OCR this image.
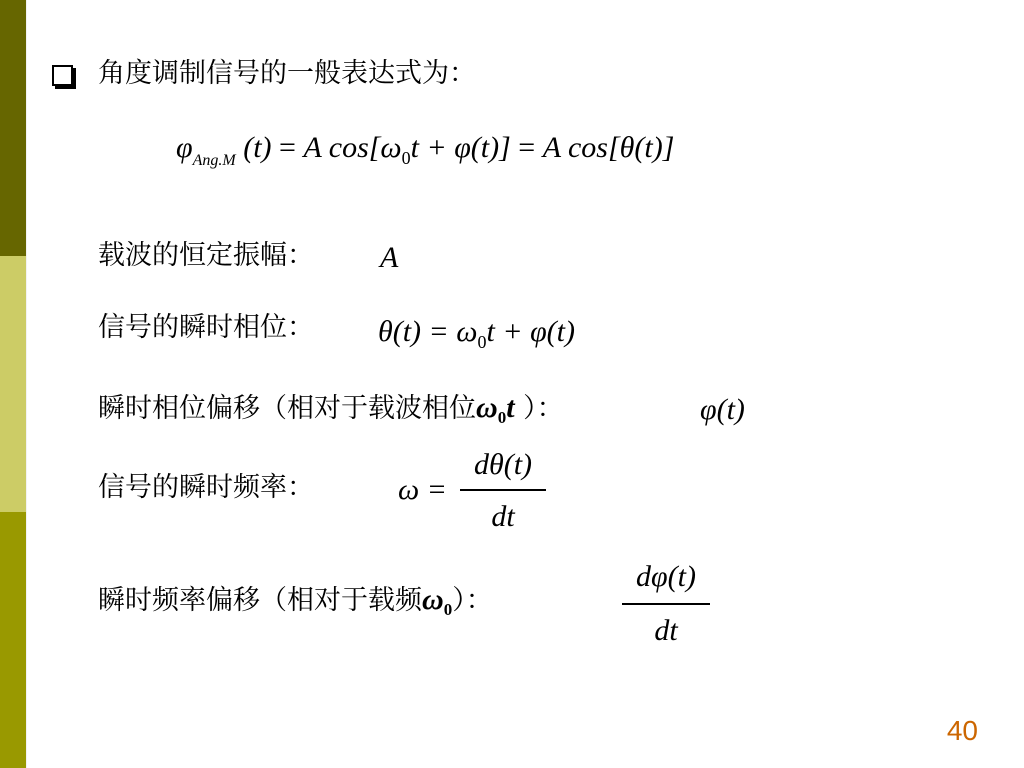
角度调制信号的一般表达式为：
$\varphi_{Ang.M}$ (t) = A $\cos[\omega_0t + \varphi(t)] = A$ cos[θ(t)]
载波的恒定振幅： A
信号的瞬时相位： $\theta(t) = \omega_0t + \varphi(t)$
瞬时相位偏移（相对于载波相位$\omega_0t$ ）：	φ(t)
信号的瞬时频率：	ω =
dθ(t)
dt
瞬时频率偏移（相对于载频$\omega_0$）：
dφ(t)
dt
40
